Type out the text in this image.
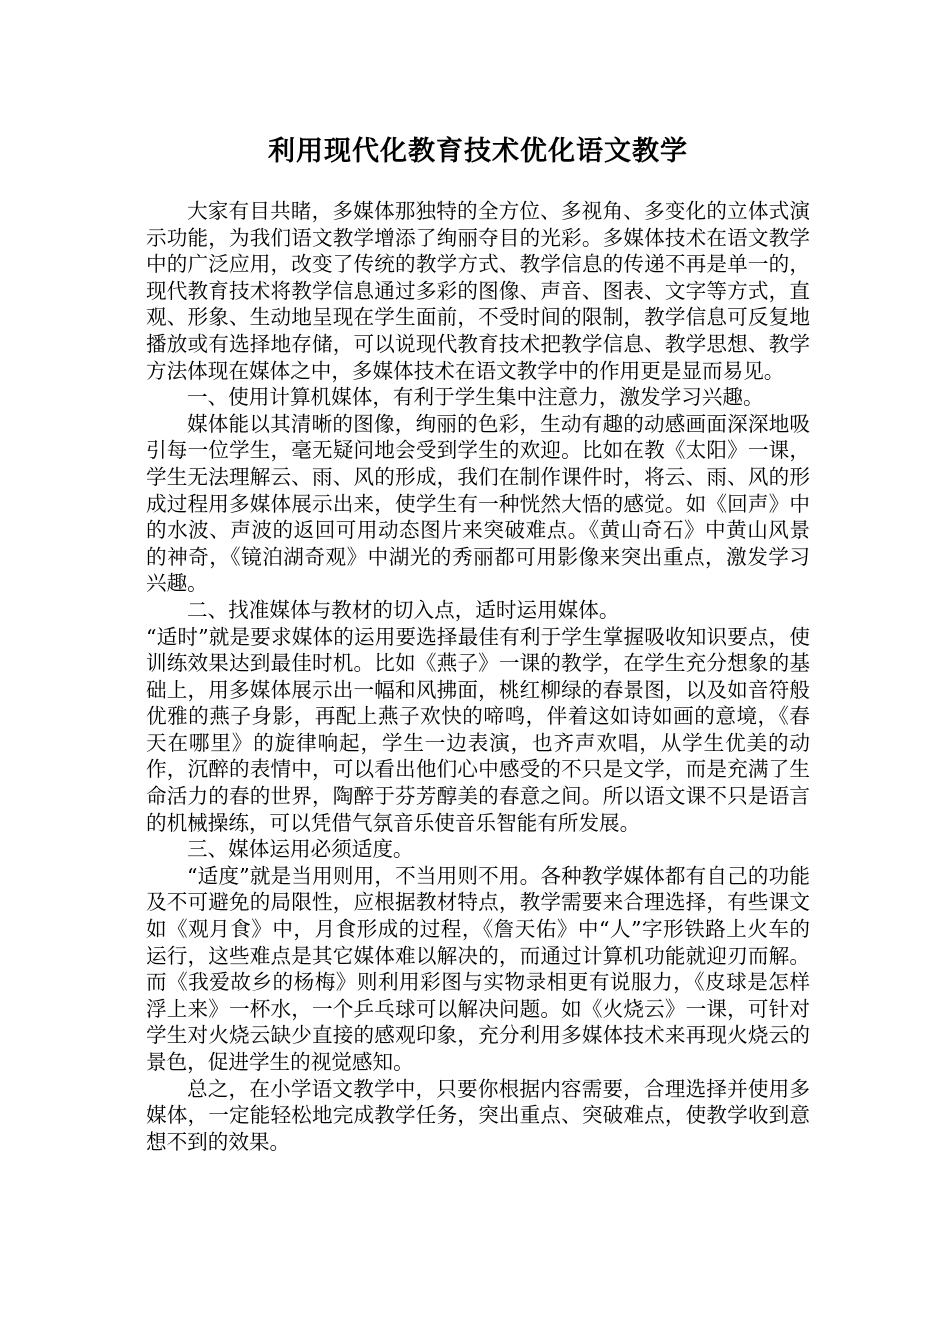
利用现代化教育技术优化语文教学

大家有目共睹，多媒体那独特的全方位、多视角、多变化的立体式演示功能，为我们语文教学增添了绚丽夺目的光彩。多媒体技术在语文教学中的广泛应用，改变了传统的教学方式、教学信息的传递不再是单一的，现代教育技术将教学信息通过多彩的图像、声音、图表、文字等方式，直观、形象、生动地呈现在学生面前，不受时间的限制，教学信息可反复地播放或有选择地存储，可以说现代教育技术把教学信息、教学思想、教学方法体现在媒体之中，多媒体技术在语文教学中的作用更是显而易见。

一、使用计算机媒体，有利于学生集中注意力，激发学习兴趣。

媒体能以其清晰的图像，绚丽的色彩，生动有趣的动感画面深深地吸引每一位学生，毫无疑问地会受到学生的欢迎。比如在教《太阳》一课，学生无法理解云、雨、风的形成，我们在制作课件时，将云、雨、风的形成过程用多媒体展示出来，使学生有一种恍然大悟的感觉。如《回声》中的水波、声波的返回可用动态图片来突破难点。《黄山奇石》中黄山风景的神奇，《镜泊湖奇观》中湖光的秀丽都可用影像来突出重点，激发学习兴趣。

二、找准媒体与教材的切入点，适时运用媒体。

“适时”就是要求媒体的运用要选择最佳有利于学生掌握吸收知识要点，使训练效果达到最佳时机。比如《燕子》一课的教学，在学生充分想象的基础上，用多媒体展示出一幅和风拂面，桃红柳绿的春景图，以及如音符般优雅的燕子身影，再配上燕子欢快的啼鸣，伴着这如诗如画的意境，《春天在哪里》的旋律响起，学生一边表演，也齐声欢唱，从学生优美的动作，沉醉的表情中，可以看出他们心中感受的不只是文学，而是充满了生命活力的春的世界，陶醉于芬芳醇美的春意之间。所以语文课不只是语言的机械操练，可以凭借气氛音乐使音乐智能有所发展。

三、媒体运用必须适度。

“适度”就是当用则用，不当用则不用。各种教学媒体都有自己的功能及不可避免的局限性，应根据教材特点，教学需要来合理选择，有些课文如《观月食》中，月食形成的过程，《詹天佑》中“人”字形铁路上火车的运行，这些难点是其它媒体难以解决的，而通过计算机功能就迎刃而解。而《我爱故乡的杨梅》则利用彩图与实物录相更有说服力，《皮球是怎样浮上来》一杯水，一个乒乓球可以解决问题。如《火烧云》一课，可针对学生对火烧云缺少直接的感观印象，充分利用多媒体技术来再现火烧云的景色，促进学生的视觉感知。

总之，在小学语文教学中，只要你根据内容需要，合理选择并使用多媒体，一定能轻松地完成教学任务，突出重点、突破难点，使教学收到意想不到的效果。
